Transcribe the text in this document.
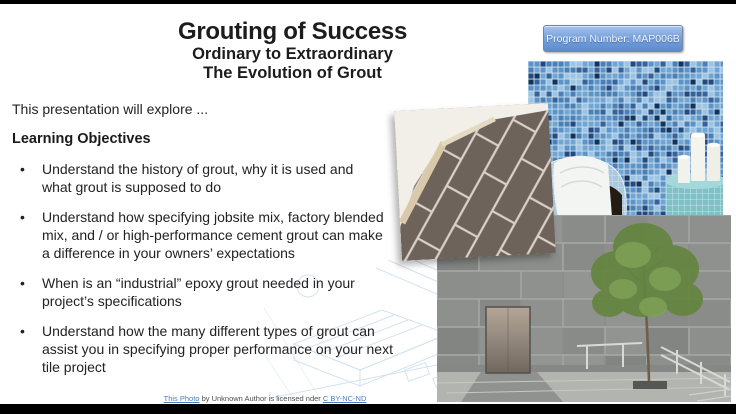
Grouting of Success
Ordinary to Extraordinary
The Evolution of Grout
Program Number: MAP006B
This presentation will explore ...
Learning Objectives
• Understand the history of grout, why it is used and
what grout is supposed to do
• Understand how specifying jobsite mix, factory blended
mix, and / or high-performance cement grout can make
a difference in your owners’ expectations
• When is an “industrial” epoxy grout needed in your
project’s specifications
• Understand how the many different types of grout can
assist you in specifying proper performance on your next
tile project
This Photo by Unknown Author is licensed nder C BY-NC-ND
